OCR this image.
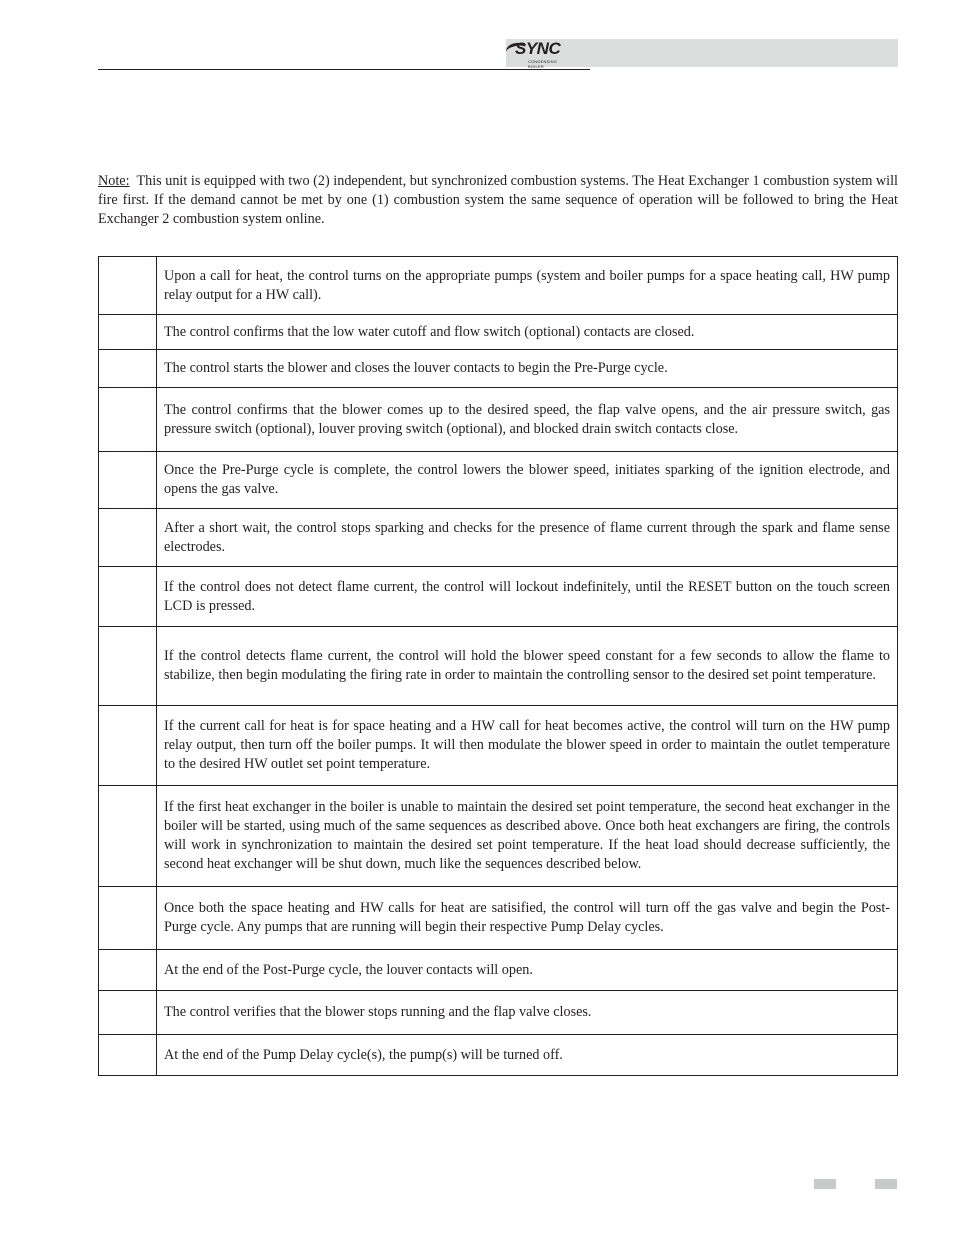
SYNC
CONDENSING BOILER

Note: This unit is equipped with two (2) independent, but synchronized combustion systems. The Heat Exchanger 1 combustion system will fire first. If the demand cannot be met by one (1) combustion system the same sequence of operation will be followed to bring the Heat Exchanger 2 combustion system online.

	Upon a call for heat, the control turns on the appropriate pumps (system and boiler pumps for a space heating call, HW pump relay output for a HW call).
	The control confirms that the low water cutoff and flow switch (optional) contacts are closed.
	The control starts the blower and closes the louver contacts to begin the Pre-Purge cycle.
	The control confirms that the blower comes up to the desired speed, the flap valve opens, and the air pressure switch, gas pressure switch (optional), louver proving switch (optional), and blocked drain switch contacts close.
	Once the Pre-Purge cycle is complete, the control lowers the blower speed, initiates sparking of the ignition electrode, and opens the gas valve.
	After a short wait, the control stops sparking and checks for the presence of flame current through the spark and flame sense electrodes.
	If the control does not detect flame current, the control will lockout indefinitely, until the RESET button on the touch screen LCD is pressed.
	If the control detects flame current, the control will hold the blower speed constant for a few seconds to allow the flame to stabilize, then begin modulating the firing rate in order to maintain the controlling sensor to the desired set point temperature.
	If the current call for heat is for space heating and a HW call for heat becomes active, the control will turn on the HW pump relay output, then turn off the boiler pumps. It will then modulate the blower speed in order to maintain the outlet temperature to the desired HW outlet set point temperature.
	If the first heat exchanger in the boiler is unable to maintain the desired set point temperature, the second heat exchanger in the boiler will be started, using much of the same sequences as described above. Once both heat exchangers are firing, the controls will work in synchronization to maintain the desired set point temperature. If the heat load should decrease sufficiently, the second heat exchanger will be shut down, much like the sequences described below.
	Once both the space heating and HW calls for heat are satisified, the control will turn off the gas valve and begin the Post-Purge cycle. Any pumps that are running will begin their respective Pump Delay cycles.
	At the end of the Post-Purge cycle, the louver contacts will open.
	The control verifies that the blower stops running and the flap valve closes.
	At the end of the Pump Delay cycle(s), the pump(s) will be turned off.
